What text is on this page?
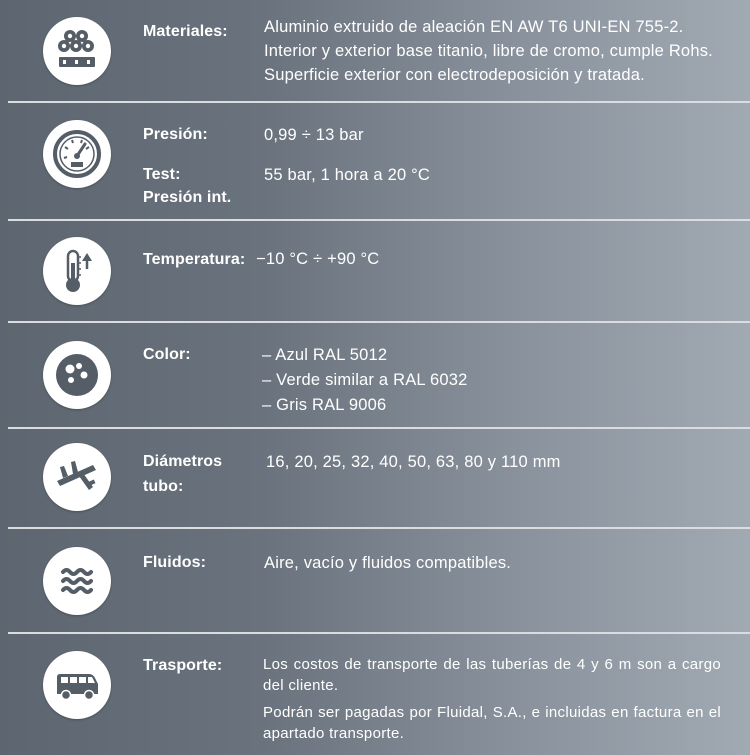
Materiales: Aluminio extruido de aleación EN AW T6 UNI-EN 755-2.
Interior y exterior base titanio, libre de cromo, cumple Rohs.
Superficie exterior con electrodeposición y tratada.
Presión:	0,99 ÷ 13 bar
Test:
Presión int.
55 bar, 1 hora a 20 °C
Temperatura: −10 °C ÷ +90 °C
Color:	– Azul RAL 5012
– Verde similar a RAL 6032
– Gris RAL 9006
Diámetros
tubo:
16, 20, 25, 32, 40, 50, 63, 80 y 110 mm
Fluidos:	Aire, vacío y fluidos compatibles.
Trasporte:	Los costos de transporte de las tuberías de 4 y 6 m son a cargo del cliente.
Podrán ser pagadas por Fluidal, S.A., e incluidas en factura en el apartado transporte.
